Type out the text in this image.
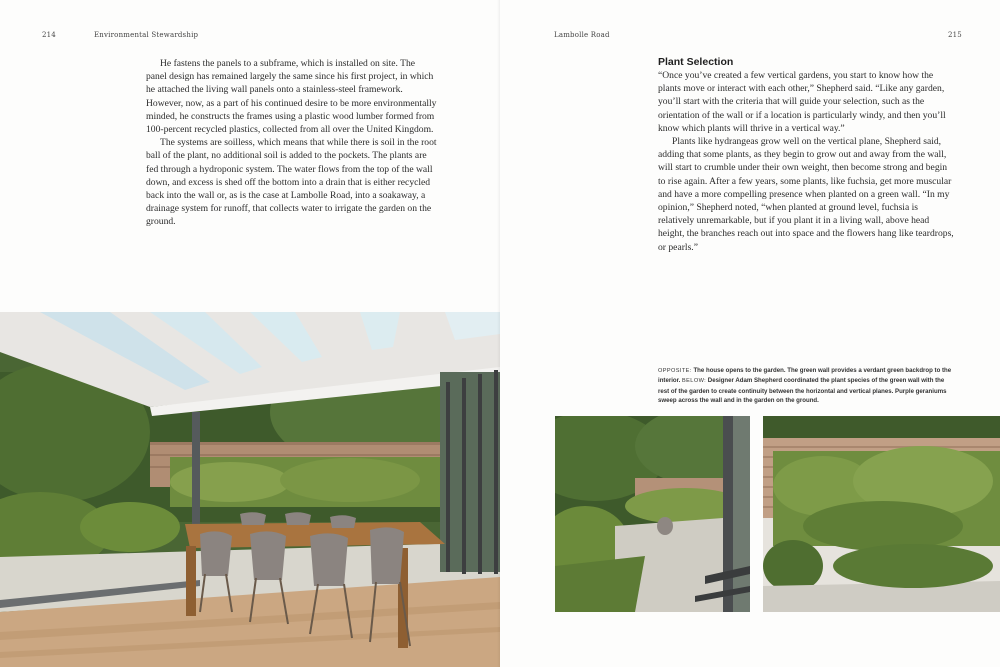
214	Environmental Stewardship

He fastens the panels to a subframe, which is installed on site. The panel design has remained largely the same since his first project, in which he attached the living wall panels onto a stainless-steel framework. However, now, as a part of his continued desire to be more environmentally minded, he constructs the frames using a plastic wood lumber formed from 100-percent recycled plastics, collected from all over the United Kingdom.

The systems are soilless, which means that while there is soil in the root ball of the plant, no additional soil is added to the pockets. The plants are fed through a hydroponic system. The water flows from the top of the wall down, and excess is shed off the bottom into a drain that is either recycled back into the wall or, as is the case at Lambolle Road, into a soakaway, a drainage system for runoff, that collects water to irrigate the garden on the ground.

Lambolle Road	215
Plant Selection

“Once you’ve created a few vertical gardens, you start to know how the plants move or interact with each other,” Shepherd said. “Like any garden, you’ll start with the criteria that will guide your selection, such as the orientation of the wall or if a location is particularly windy, and then you’ll know which plants will thrive in a vertical way.”

Plants like hydrangeas grow well on the vertical plane, Shepherd said, adding that some plants, as they begin to grow out and away from the wall, will start to crumble under their own weight, then become strong and begin to rise again. After a few years, some plants, like fuchsia, get more muscular and have a more compelling presence when planted on a green wall. “In my opinion,” Shepherd noted, “when planted at ground level, fuchsia is relatively unremarkable, but if you plant it in a living wall, above head height, the branches reach out into space and the flowers hang like teardrops, or pearls.”

OPPOSITE: The house opens to the garden. The green wall provides a verdant green backdrop to the interior. BELOW: Designer Adam Shepherd coordinated the plant species of the green wall with the rest of the garden to create continuity between the horizontal and vertical planes. Purple geraniums sweep across the wall and in the garden on the ground.
